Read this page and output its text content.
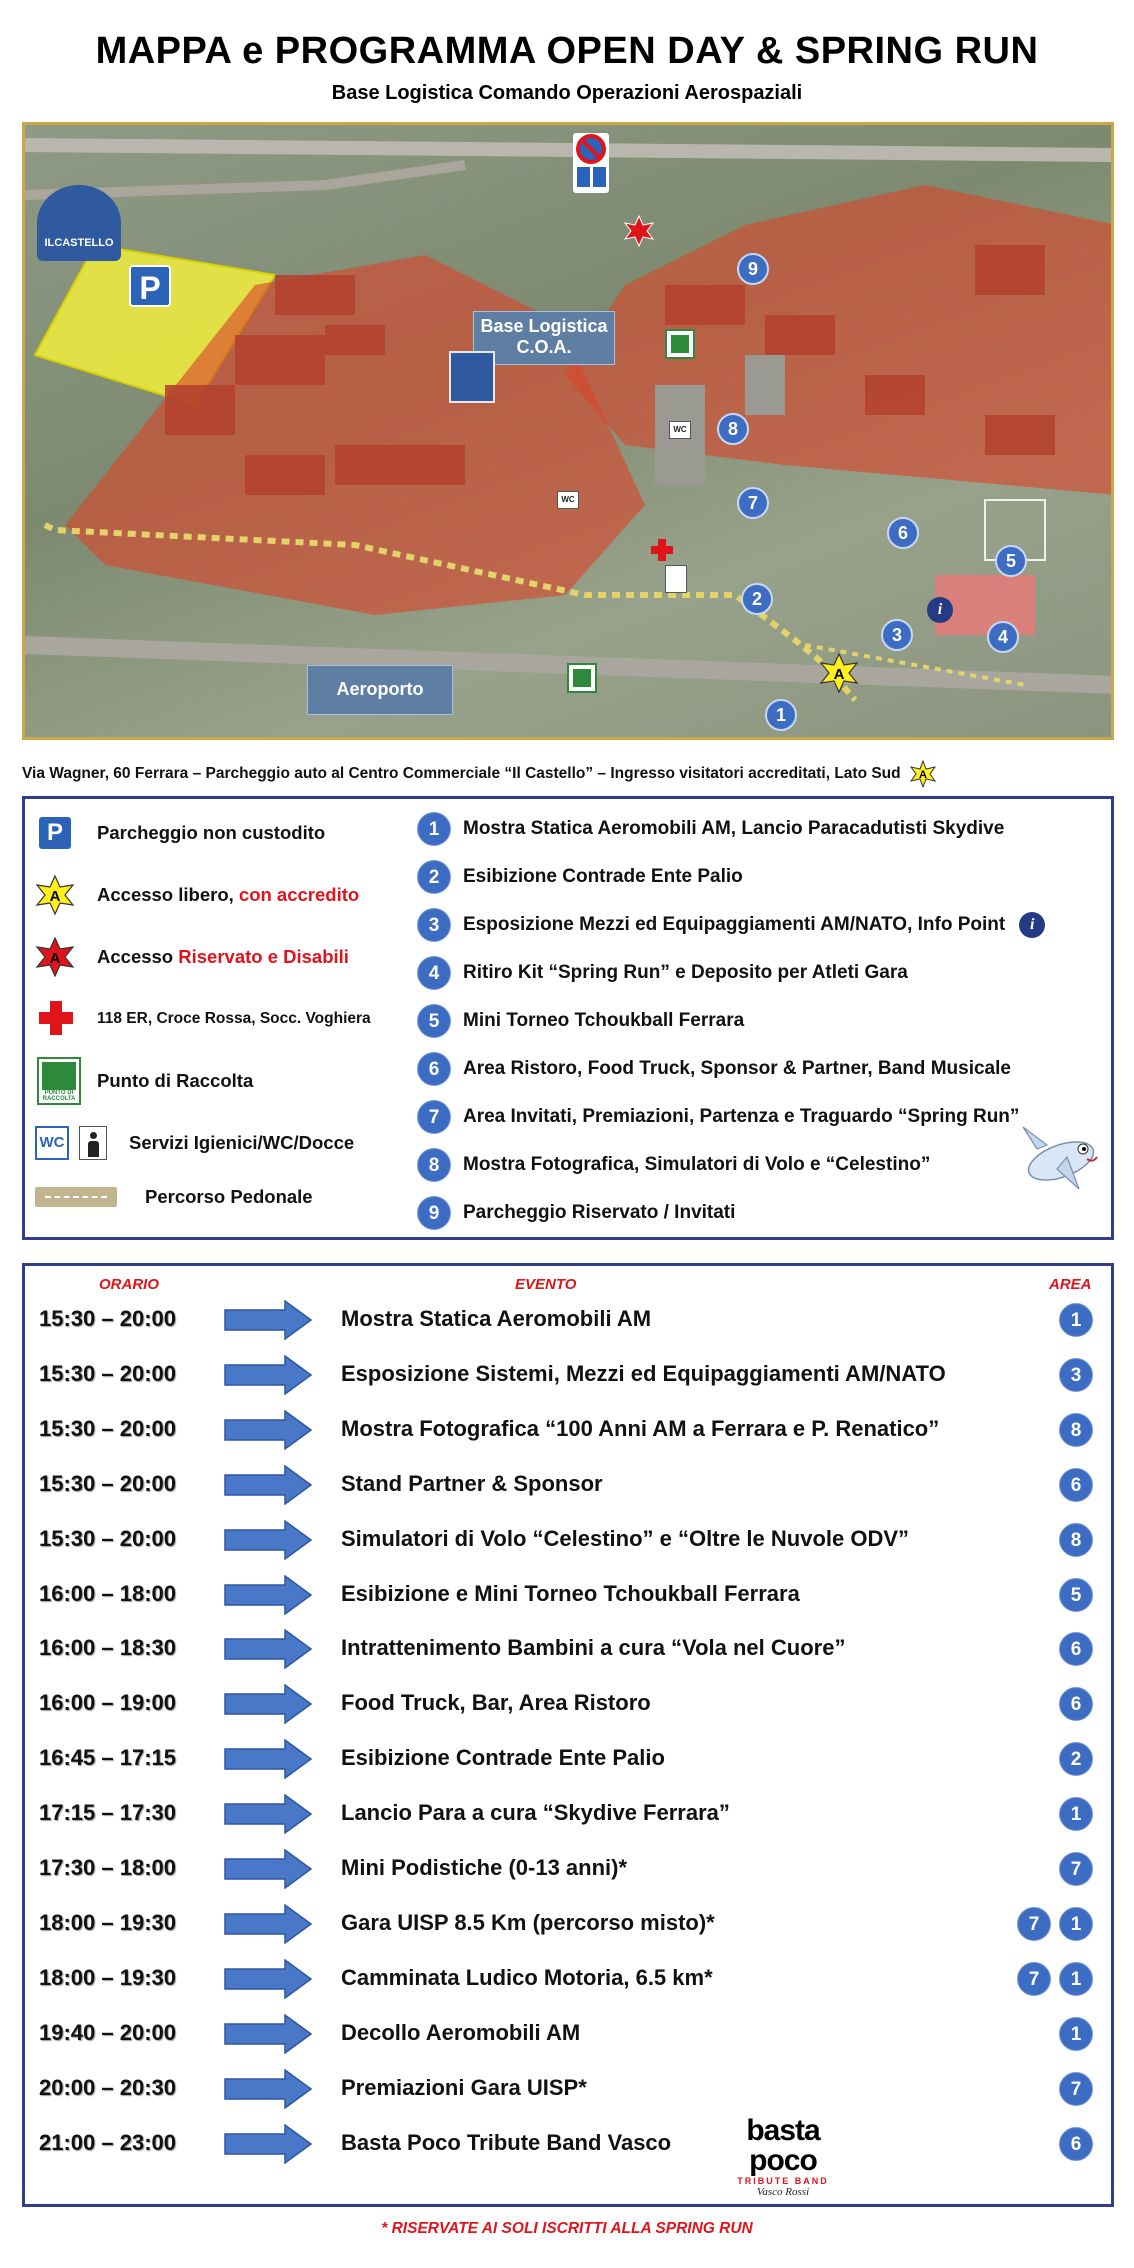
MAPPA e PROGRAMMA OPEN DAY & SPRING RUN
Base Logistica Comando Operazioni Aerospaziali
ILCASTELLO
P
A
Base Logistica C.O.A.
Aeroporto
WC
WC
i
9
8
7
6
5
4
3
2
1
Via Wagner, 60 Ferrara – Parcheggio auto al Centro Commerciale “Il Castello” – Ingresso visitatori accreditati, Lato Sud A
P	Parcheggio non custodito
A Accesso libero, con accredito
A Accesso Riservato e Disabili
118 ER, Croce Rossa, Socc. Voghiera
PUNTO DI RACCOLTA
Punto di Raccolta
WC	Servizi Igienici/WC/Docce
Percorso Pedonale
1	Mostra Statica Aeromobili AM, Lancio Paracadutisti Skydive
2	Esibizione Contrade Ente Palio
3	Esposizione Mezzi ed Equipaggiamenti AM/NATO, Info Point	i
4	Ritiro Kit “Spring Run” e Deposito per Atleti Gara
5	Mini Torneo Tchoukball Ferrara
6	Area Ristoro, Food Truck, Sponsor & Partner, Band Musicale
7	Area Invitati, Premiazioni, Partenza e Traguardo “Spring Run”
8	Mostra Fotografica, Simulatori di Volo e “Celestino”
9	Parcheggio Riservato / Invitati
ORARIO	EVENTO	AREA
15:30 – 20:00	Mostra Statica Aeromobili AM	1
15:30 – 20:00	Esposizione Sistemi, Mezzi ed Equipaggiamenti AM/NATO	3
15:30 – 20:00	Mostra Fotografica “100 Anni AM a Ferrara e P. Renatico”	8
15:30 – 20:00	Stand Partner & Sponsor	6
15:30 – 20:00	Simulatori di Volo “Celestino” e “Oltre le Nuvole ODV”	8
16:00 – 18:00	Esibizione e Mini Torneo Tchoukball Ferrara	5
16:00 – 18:30	Intrattenimento Bambini a cura “Vola nel Cuore”	6
16:00 – 19:00	Food Truck, Bar, Area Ristoro	6
16:45 – 17:15	Esibizione Contrade Ente Palio	2
17:15 – 17:30	Lancio Para a cura “Skydive Ferrara”	1
17:30 – 18:00	Mini Podistiche (0-13 anni)*	7
18:00 – 19:30	Gara UISP 8.5 Km (percorso misto)*	7	1
18:00 – 19:30	Camminata Ludico Motoria, 6.5 km*	7	1
19:40 – 20:00	Decollo Aeromobili AM	1
20:00 – 20:30	Premiazioni Gara UISP*	7
21:00 – 23:00	Basta Poco Tribute Band Vasco	6
basta poco
TRIBUTE BAND
Vasco Rossi
* RISERVATE AI SOLI ISCRITTI ALLA SPRING RUN
